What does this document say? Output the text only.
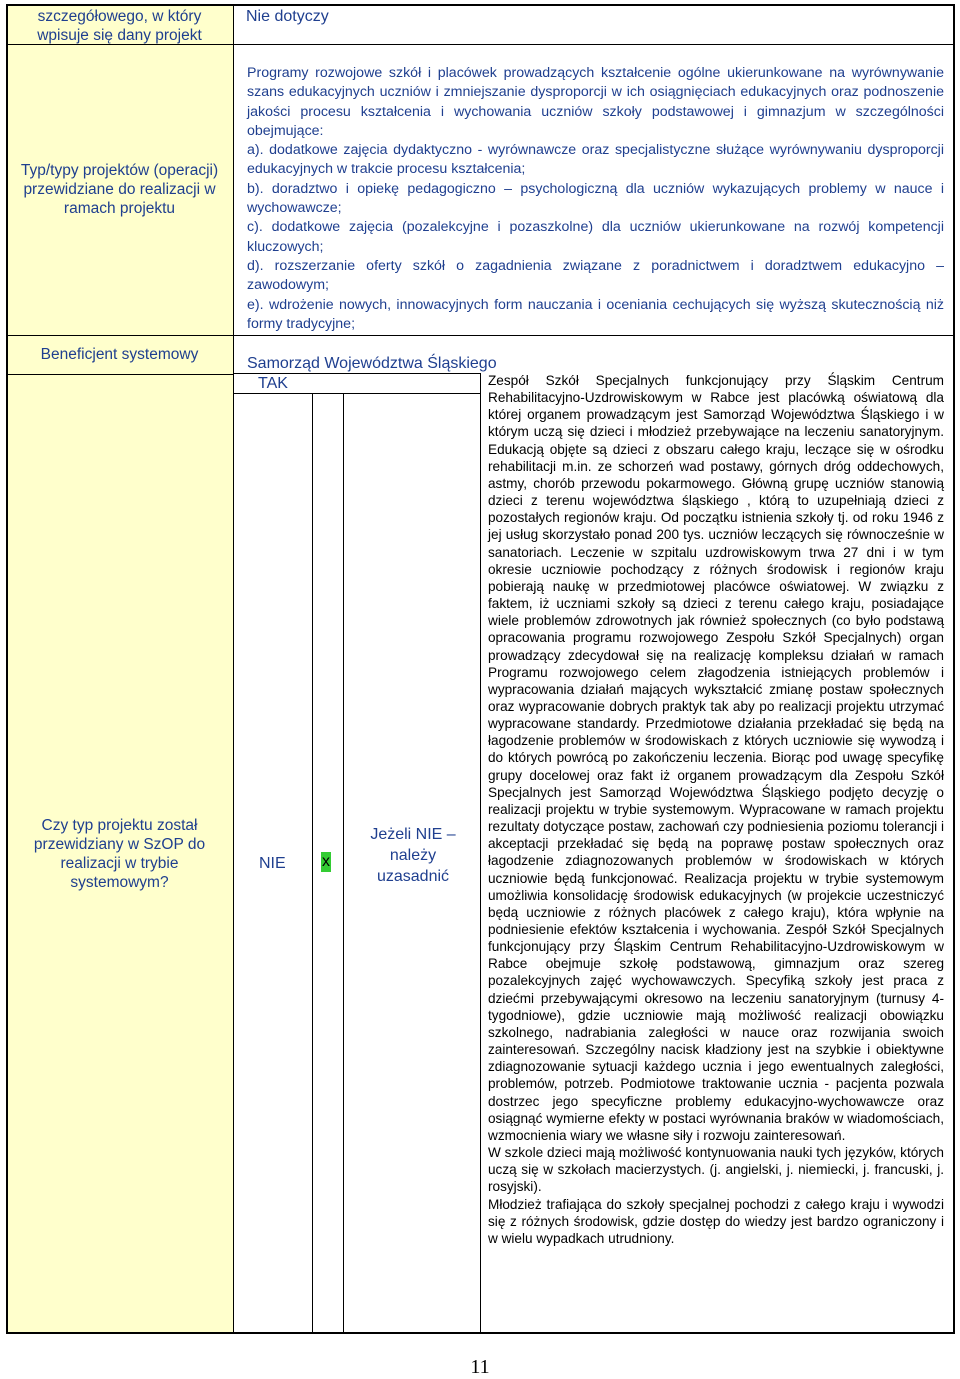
szczegółowego, w który wpisuje się dany projekt
Typ/typy projektów (operacji) przewidziane do realizacji w ramach projektu
Beneficjent systemowy
Czy typ projektu został przewidziany w SzOP do realizacji w trybie systemowym?
Nie dotyczy

Programy rozwojowe szkół i placówek prowadzących kształcenie ogólne ukierunkowane na wyrównywanie szans edukacyjnych uczniów i zmniejszanie dysproporcji w ich osiągnięciach edukacyjnych oraz podnoszenie jakości procesu kształcenia i wychowania uczniów szkoły podstawowej i gimnazjum w szczególności obejmujące:

a). dodatkowe zajęcia dydaktyczno - wyrównawcze oraz specjalistyczne służące wyrównywaniu dysproporcji edukacyjnych w trakcie procesu kształcenia;

b). doradztwo i opiekę pedagogiczno – psychologiczną dla uczniów wykazujących problemy w nauce i wychowawcze;

c). dodatkowe zajęcia (pozalekcyjne i pozaszkolne) dla uczniów ukierunkowane na rozwój kompetencji kluczowych;

d). rozszerzanie oferty szkół o zagadnienia związane z poradnictwem i doradztwem edukacyjno – zawodowym;

e). wdrożenie nowych, innowacyjnych form nauczania i oceniania cechujących się wyższą skutecznością niż formy tradycyjne;

Samorząd Województwa Śląskiego
TAK
NIE x
Jeżeli NIE – należy uzasadnić

Zespół Szkół Specjalnych funkcjonujący przy Śląskim Centrum Rehabilitacyjno-Uzdrowiskowym w Rabce jest placówką oświatową dla której organem prowadzącym jest Samorząd Województwa Śląskiego i w którym uczą się dzieci i młodzież przebywające na leczeniu sanatoryjnym. Edukacją objęte są dzieci z obszaru całego kraju, leczące się w ośrodku rehabilitacji m.in. ze schorzeń wad postawy, górnych dróg oddechowych, astmy, chorób przewodu pokarmowego. Główną grupę uczniów stanowią dzieci z terenu województwa śląskiego , którą to uzupełniają dzieci z pozostałych regionów kraju. Od początku istnienia szkoły tj. od roku 1946 z jej usług skorzystało ponad 200 tys. uczniów leczących się równocześnie w sanatoriach. Leczenie w szpitalu uzdrowiskowym trwa 27 dni i w tym okresie uczniowie pochodzący z różnych środowisk i regionów kraju pobierają naukę w przedmiotowej placówce oświatowej. W związku z faktem, iż uczniami szkoły są dzieci z terenu całego kraju, posiadające wiele problemów zdrowotnych jak również społecznych (co było podstawą opracowania programu rozwojowego Zespołu Szkół Specjalnych) organ prowadzący zdecydował się na realizację kompleksu działań w ramach Programu rozwojowego celem złagodzenia istniejących problemów i wypracowania działań mających wykształcić zmianę postaw społecznych oraz wypracowanie dobrych praktyk tak aby po realizacji projektu utrzymać wypracowane standardy. Przedmiotowe działania przekładać się będą na łagodzenie problemów w środowiskach z których uczniowie się wywodzą i do których powrócą po zakończeniu leczenia. Biorąc pod uwagę specyfikę grupy docelowej oraz fakt iż organem prowadzącym dla Zespołu Szkół Specjalnych jest Samorząd Województwa Śląskiego podjęto decyzję o realizacji projektu w trybie systemowym. Wypracowane w ramach projektu rezultaty dotyczące postaw, zachowań czy podniesienia poziomu tolerancji i akceptacji przekładać się będą na poprawę postaw społecznych oraz łagodzenie zdiagnozowanych problemów w środowiskach w których uczniowie będą funkcjonować. Realizacja projektu w trybie systemowym umożliwia konsolidację środowisk edukacyjnych (w projekcie uczestniczyć będą uczniowie z różnych placówek z całego kraju), która wpłynie na podniesienie efektów kształcenia i wychowania. Zespół Szkół Specjalnych funkcjonujący przy Śląskim Centrum Rehabilitacyjno-Uzdrowiskowym w Rabce obejmuje szkołę podstawową, gimnazjum oraz szereg pozalekcyjnych zajęć wychowawczych. Specyfiką szkoły jest praca z dziećmi przebywającymi okresowo na leczeniu sanatoryjnym (turnusy 4-tygodniowe), gdzie uczniowie mają możliwość realizacji obowiązku szkolnego, nadrabiania zaległości w nauce oraz rozwijania swoich zainteresowań. Szczególny nacisk kładziony jest na szybkie i obiektywne zdiagnozowanie sytuacji każdego ucznia i jego ewentualnych zaległości, problemów, potrzeb. Podmiotowe traktowanie ucznia - pacjenta pozwala dostrzec jego specyficzne problemy edukacyjno-wychowawcze oraz osiągnąć wymierne efekty w postaci wyrównania braków w wiadomościach, wzmocnienia wiary we własne siły i rozwoju zainteresowań.

W szkole dzieci mają możliwość kontynuowania nauki tych języków, których uczą się w szkołach macierzystych. (j. angielski, j. niemiecki, j. francuski, j. rosyjski).

Młodzież trafiająca do szkoły specjalnej pochodzi z całego kraju i wywodzi się z różnych środowisk, gdzie dostęp do wiedzy jest bardzo ograniczony i w wielu wypadkach utrudniony.

11
